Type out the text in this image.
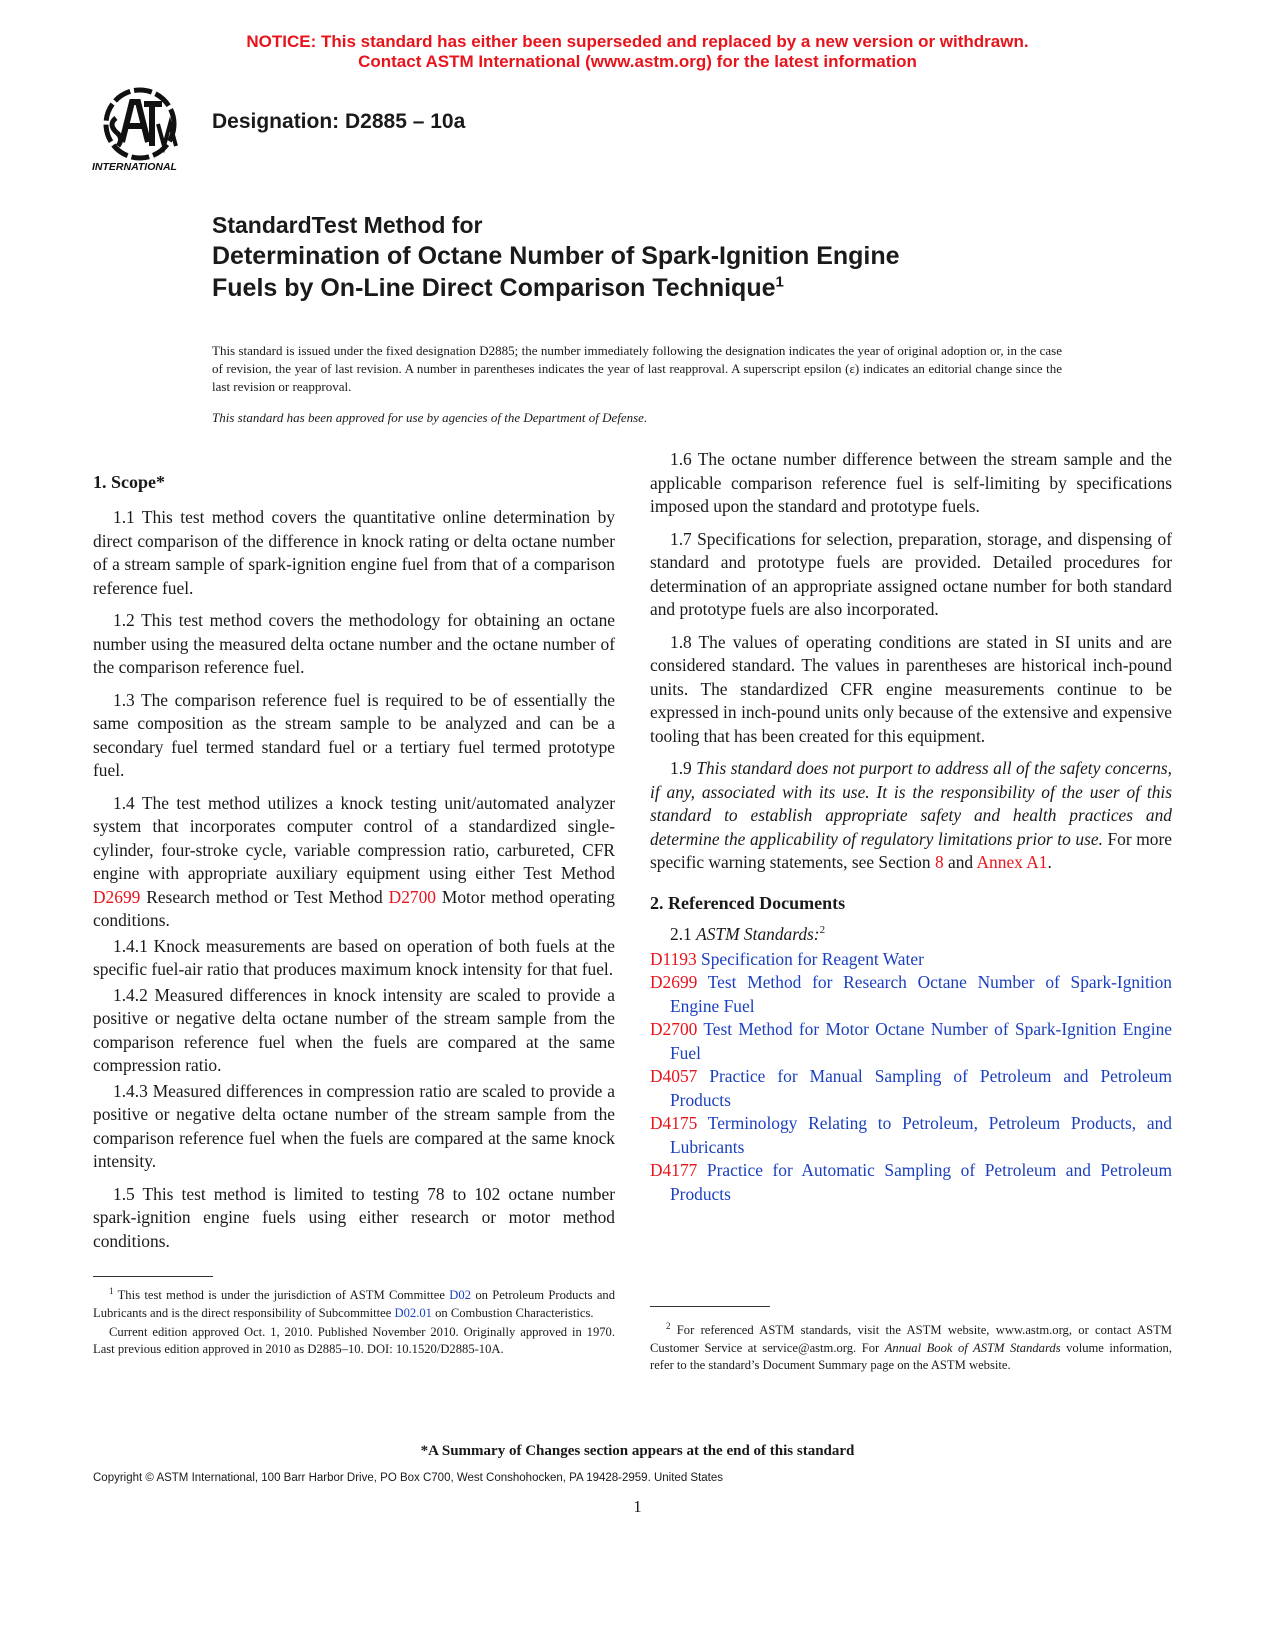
NOTICE: This standard has either been superseded and replaced by a new version or withdrawn.
Contact ASTM International (www.astm.org) for the latest information
INTERNATIONAL
Designation: D2885 – 10a
StandardTest Method for
Determination of Octane Number of Spark-Ignition Engine
Fuels by On-Line Direct Comparison Technique$^1$
This standard is issued under the fixed designation D2885; the number immediately following the designation indicates the year of original adoption or, in the case of revision, the year of last revision. A number in parentheses indicates the year of last reapproval. A superscript epsilon (ε) indicates an editorial change since the last revision or reapproval.
This standard has been approved for use by agencies of the Department of Defense.
1. Scope*

1.1 This test method covers the quantitative online determination by direct comparison of the difference in knock rating or delta octane number of a stream sample of spark-ignition engine fuel from that of a comparison reference fuel.

1.2 This test method covers the methodology for obtaining an octane number using the measured delta octane number and the octane number of the comparison reference fuel.

1.3 The comparison reference fuel is required to be of essentially the same composition as the stream sample to be analyzed and can be a secondary fuel termed standard fuel or a tertiary fuel termed prototype fuel.

1.4 The test method utilizes a knock testing unit/automated analyzer system that incorporates computer control of a standardized single-cylinder, four-stroke cycle, variable compression ratio, carbureted, CFR engine with appropriate auxiliary equipment using either Test Method D2699 Research method or Test Method D2700 Motor method operating conditions.

1.4.1 Knock measurements are based on operation of both fuels at the specific fuel-air ratio that produces maximum knock intensity for that fuel.

1.4.2 Measured differences in knock intensity are scaled to provide a positive or negative delta octane number of the stream sample from the comparison reference fuel when the fuels are compared at the same compression ratio.

1.4.3 Measured differences in compression ratio are scaled to provide a positive or negative delta octane number of the stream sample from the comparison reference fuel when the fuels are compared at the same knock intensity.

1.5 This test method is limited to testing 78 to 102 octane number spark-ignition engine fuels using either research or motor method conditions.

1.6 The octane number difference between the stream sample and the applicable comparison reference fuel is self-limiting by specifications imposed upon the standard and prototype fuels.

1.7 Specifications for selection, preparation, storage, and dispensing of standard and prototype fuels are provided. Detailed procedures for determination of an appropriate assigned octane number for both standard and prototype fuels are also incorporated.

1.8 The values of operating conditions are stated in SI units and are considered standard. The values in parentheses are historical inch-pound units. The standardized CFR engine measurements continue to be expressed in inch-pound units only because of the extensive and expensive tooling that has been created for this equipment.

1.9 This standard does not purport to address all of the safety concerns, if any, associated with its use. It is the responsibility of the user of this standard to establish appropriate safety and health practices and determine the applicability of regulatory limitations prior to use. For more specific warning statements, see Section 8 and Annex A1.

2. Referenced Documents

2.1 ASTM Standards:$^2$

D1193 Specification for Reagent Water
D2699 Test Method for Research Octane Number of Spark-Ignition Engine Fuel
D2700 Test Method for Motor Octane Number of Spark-Ignition Engine Fuel
D4057 Practice for Manual Sampling of Petroleum and Petroleum Products
D4175 Terminology Relating to Petroleum, Petroleum Products, and Lubricants
D4177 Practice for Automatic Sampling of Petroleum and Petroleum Products

$^1$ This test method is under the jurisdiction of ASTM Committee D02 on Petroleum Products and Lubricants and is the direct responsibility of Subcommittee D02.01 on Combustion Characteristics.

Current edition approved Oct. 1, 2010. Published November 2010. Originally approved in 1970. Last previous edition approved in 2010 as D2885–10. DOI: 10.1520/D2885-10A.

$^2$ For referenced ASTM standards, visit the ASTM website, www.astm.org, or contact ASTM Customer Service at service@astm.org. For Annual Book of ASTM Standards volume information, refer to the standard’s Document Summary page on the ASTM website.

*A Summary of Changes section appears at the end of this standard
Copyright © ASTM International, 100 Barr Harbor Drive, PO Box C700, West Conshohocken, PA 19428-2959. United States
1
